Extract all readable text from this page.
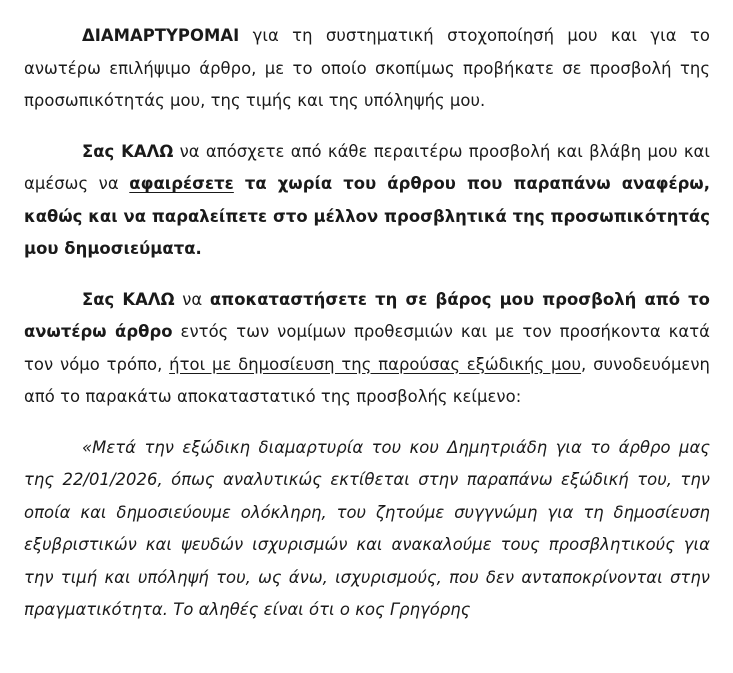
ΔΙΑΜΑΡΤΥΡΟΜΑΙ για τη συστηματική στοχοποίησή μου και για το ανωτέρω επιλήψιμο άρθρο, με το οποίο σκοπίμως προβήκατε σε προσβολή της προσωπικότητάς μου, της τιμής και της υπόληψής μου.

Σας ΚΑΛΩ να απόσχετε από κάθε περαιτέρω προσβολή και βλάβη μου και αμέσως να αφαιρέσετε τα χωρία του άρθρου που παραπάνω αναφέρω, καθώς και να παραλείπετε στο μέλλον προσβλητικά της προσωπικότητάς μου δημοσιεύματα.

Σας ΚΑΛΩ να αποκαταστήσετε τη σε βάρος μου προσβολή από το ανωτέρω άρθρο εντός των νομίμων προθεσμιών και με τον προσήκοντα κατά τον νόμο τρόπο, ήτοι με δημοσίευση της παρούσας εξώδικής μου, συνοδευόμενη από το παρακάτω αποκαταστατικό της προσβολής κείμενο:

«Μετά την εξώδικη διαμαρτυρία του κου Δημητριάδη για το άρθρο μας της 22/01/2026, όπως αναλυτικώς εκτίθεται στην παραπάνω εξώδική του, την οποία και δημοσιεύουμε ολόκληρη, του ζητούμε συγγνώμη για τη δημοσίευση εξυβριστικών και ψευδών ισχυρισμών και ανακαλούμε τους προσβλητικούς για την τιμή και υπόληψή του, ως άνω, ισχυρισμούς, που δεν ανταποκρίνονται στην πραγματικότητα. Το αληθές είναι ότι ο κος Γρηγόρης
